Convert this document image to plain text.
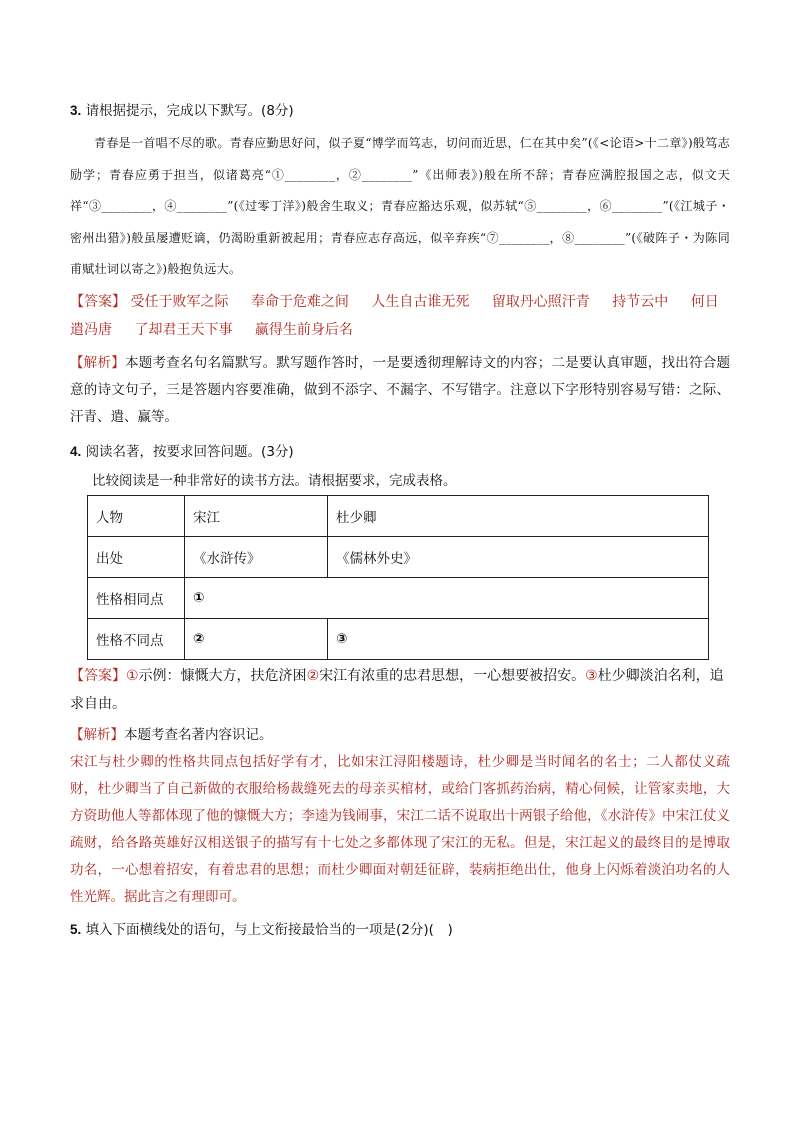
3. 请根据提示，完成以下默写。(8分)

青春是一首唱不尽的歌。青春应勤思好问，似子夏“博学而笃志，切问而近思，仁在其中矣”(《<论语>十二章》)般笃志励学；青春应勇于担当，似诸葛亮“①________，②________”《出师表》)般在所不辞；青春应满腔报国之志，似文天祥“③________，④________”(《过零丁洋》)般舍生取义；青春应豁达乐观，似苏轼“⑤________，⑥________”(《江城子・密州出猎》)般虽屡遭贬谪，仍渴盼重新被起用；青春应志存高远，似辛弃疾“⑦________，⑧________”(《破阵子・为陈同甫赋壮词以寄之》)般抱负远大。

【答案】 受任于败军之际 奉命于危难之间 人生自古谁无死 留取丹心照汗青 持节云中 何日遣冯唐 了却君王天下事 赢得生前身后名

【解析】本题考查名句名篇默写。默写题作答时，一是要透彻理解诗文的内容；二是要认真审题，找出符合题意的诗文句子，三是答题内容要准确，做到不添字、不漏字、不写错字。注意以下字形特别容易写错：之际、汗青、遣、赢等。

4. 阅读名著，按要求回答问题。(3分)
比较阅读是一种非常好的读书方法。请根据要求，完成表格。
人物	宋江	杜少卿
出处	《水浒传》	《儒林外史》
性格相同点	①	
性格不同点	②	③
【答案】①示例：慷慨大方，扶危济困②宋江有浓重的忠君思想，一心想要被招安。③杜少卿淡泊名利，追求自由。
【解析】本题考查名著内容识记。

宋江与杜少卿的性格共同点包括好学有才，比如宋江浔阳楼题诗，杜少卿是当时闻名的名士；二人都仗义疏财，杜少卿当了自己新做的衣服给杨裁缝死去的母亲买棺材，或给门客抓药治病，精心伺候，让管家卖地，大方资助他人等都体现了他的慷慨大方；李逵为钱闹事，宋江二话不说取出十两银子给他，《水浒传》中宋江仗义疏财，给各路英雄好汉相送银子的描写有十七处之多都体现了宋江的无私。但是，宋江起义的最终目的是博取功名，一心想着招安，有着忠君的思想；而杜少卿面对朝廷征辟，装病拒绝出仕，他身上闪烁着淡泊功名的人性光辉。据此言之有理即可。

5. 填入下面横线处的语句，与上文衔接最恰当的一项是(2分)(　)
